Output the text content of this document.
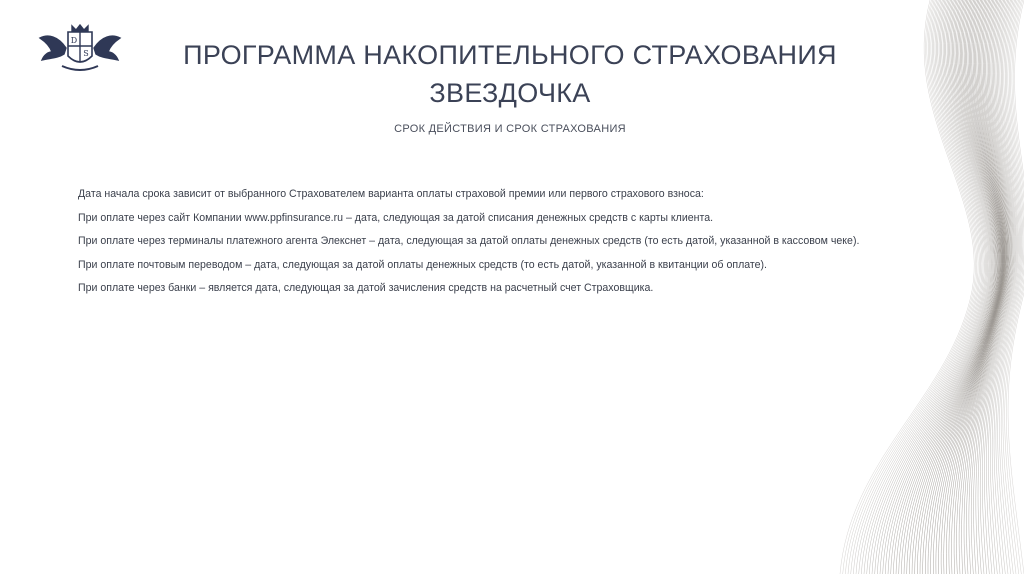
D
S	ПРОГРАММА НАКОПИТЕЛЬНОГО СТРАХОВАНИЯ
ЗВЕЗДОЧКА
СРОК ДЕЙСТВИЯ И СРОК СТРАХОВАНИЯ

Дата начала срока зависит от выбранного Страхователем варианта оплаты страховой премии или первого страхового взноса:

При оплате через сайт Компании www.ppfinsurance.ru – дата, следующая за датой списания денежных средств с карты клиента.

При оплате через терминалы платежного агента Элекснет – дата, следующая за датой оплаты денежных средств (то есть датой, указанной в кассовом чеке).

При оплате почтовым переводом – дата, следующая за датой оплаты денежных средств (то есть датой, указанной в квитанции об оплате).

При оплате через банки – является дата, следующая за датой зачисления средств на расчетный счет Страховщика.
